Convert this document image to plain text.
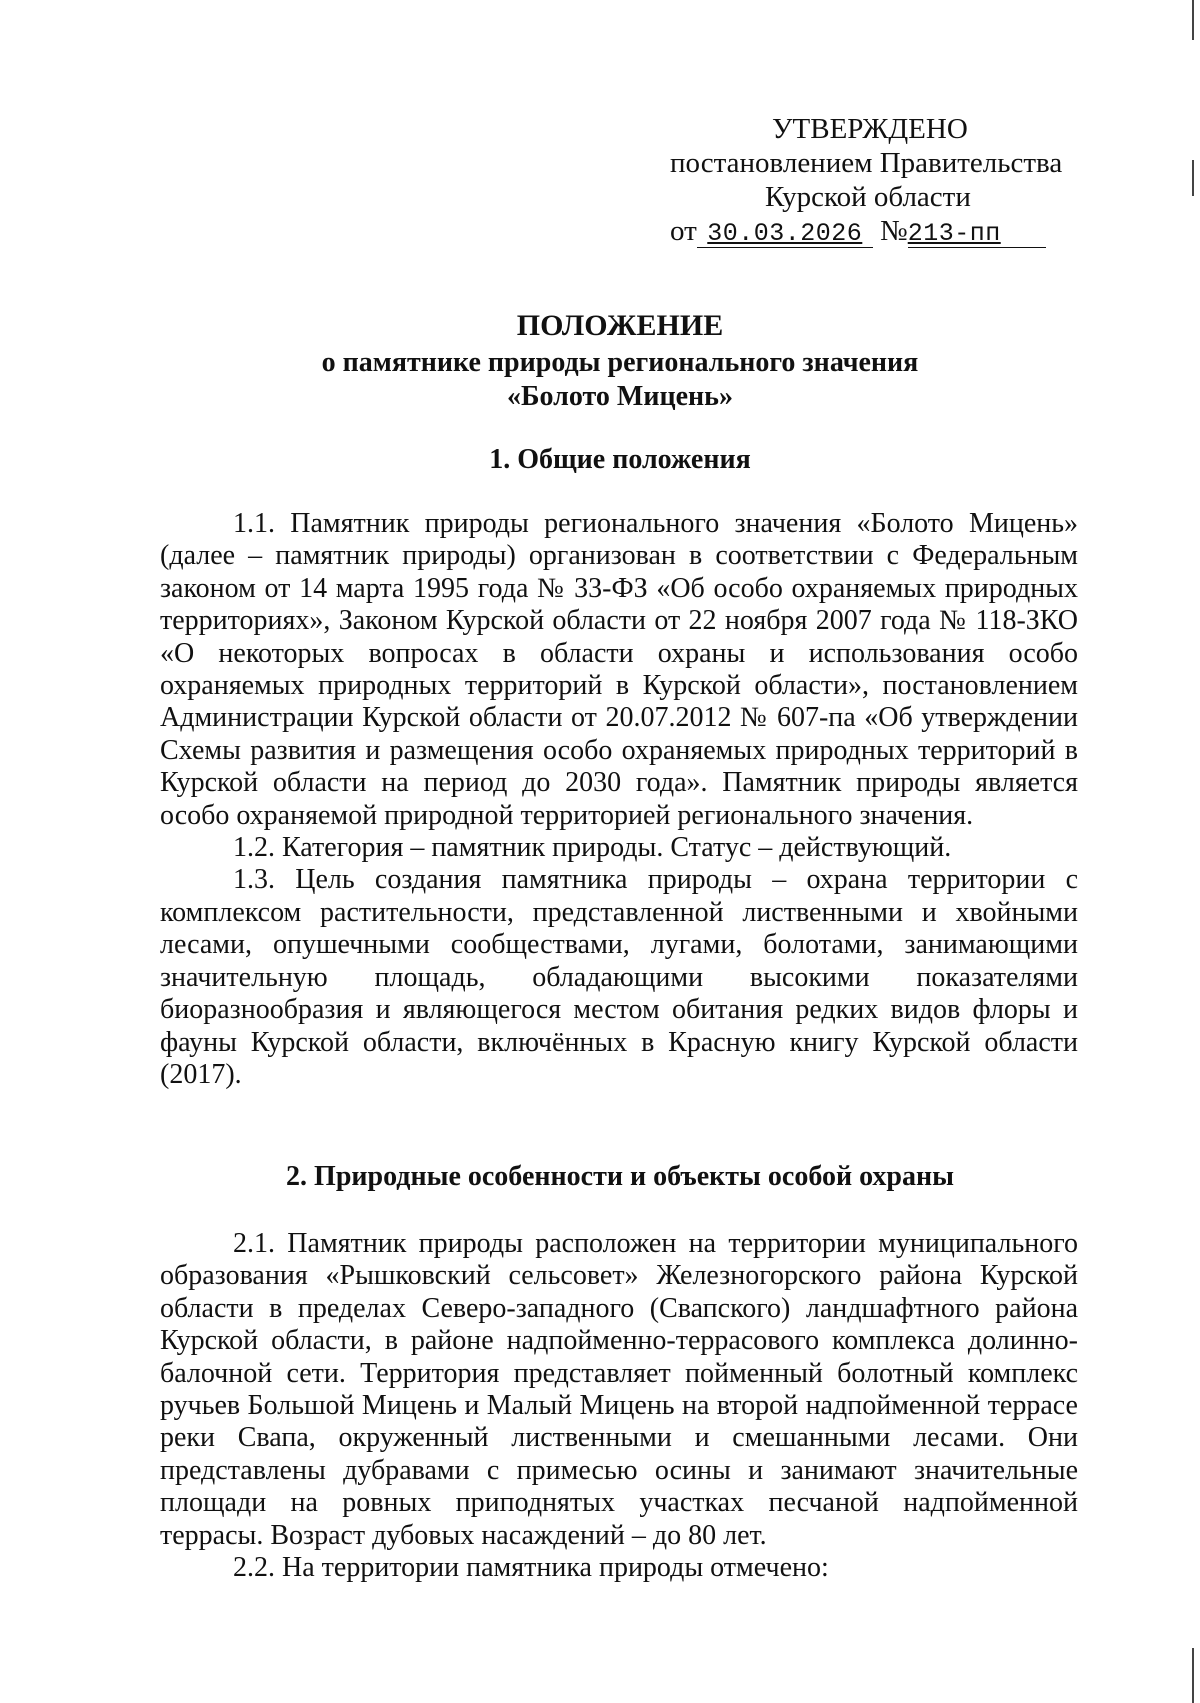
УТВЕРЖДЕНО
постановлением Правительства
Курской области
от 30.03.2026 №213-пп
ПОЛОЖЕНИЕ
о памятнике природы регионального значения
«Болото Мицень»
1. Общие положения

1.1. Памятник природы регионального значения «Болото Мицень» (далее – памятник природы) организован в соответствии с Федеральным законом от 14 марта 1995 года № 33-ФЗ «Об особо охраняемых природных территориях», Законом Курской области от 22 ноября 2007 года № 118-ЗКО «О некоторых вопросах в области охраны и использования особо охраняемых природных территорий в Курской области», постановлением Администрации Курской области от 20.07.2012 № 607-па «Об утверждении Схемы развития и размещения особо охраняемых природных территорий в Курской области на период до 2030 года». Памятник природы является особо охраняемой природной территорией регионального значения.

1.2. Категория – памятник природы. Статус – действующий.

1.3. Цель создания памятника природы – охрана территории с комплексом растительности, представленной лиственными и хвойными лесами, опушечными сообществами, лугами, болотами, занимающими значительную площадь, обладающими высокими показателями биоразнообразия и являющегося местом обитания редких видов флоры и фауны Курской области, включённых в Красную книгу Курской области (2017).

2. Природные особенности и объекты особой охраны

2.1. Памятник природы расположен на территории муниципального образования «Рышковский сельсовет» Железногорского района Курской области в пределах Северо-западного (Свапского) ландшафтного района Курской области, в районе надпойменно-террасового комплекса долинно-балочной сети. Территория представляет пойменный болотный комплекс ручьев Большой Мицень и Малый Мицень на второй надпойменной террасе реки Свапа, окруженный лиственными и смешанными лесами. Они представлены дубравами с примесью осины и занимают значительные площади на ровных приподнятых участках песчаной надпойменной террасы. Возраст дубовых насаждений – до 80 лет.

2.2. На территории памятника природы отмечено:
